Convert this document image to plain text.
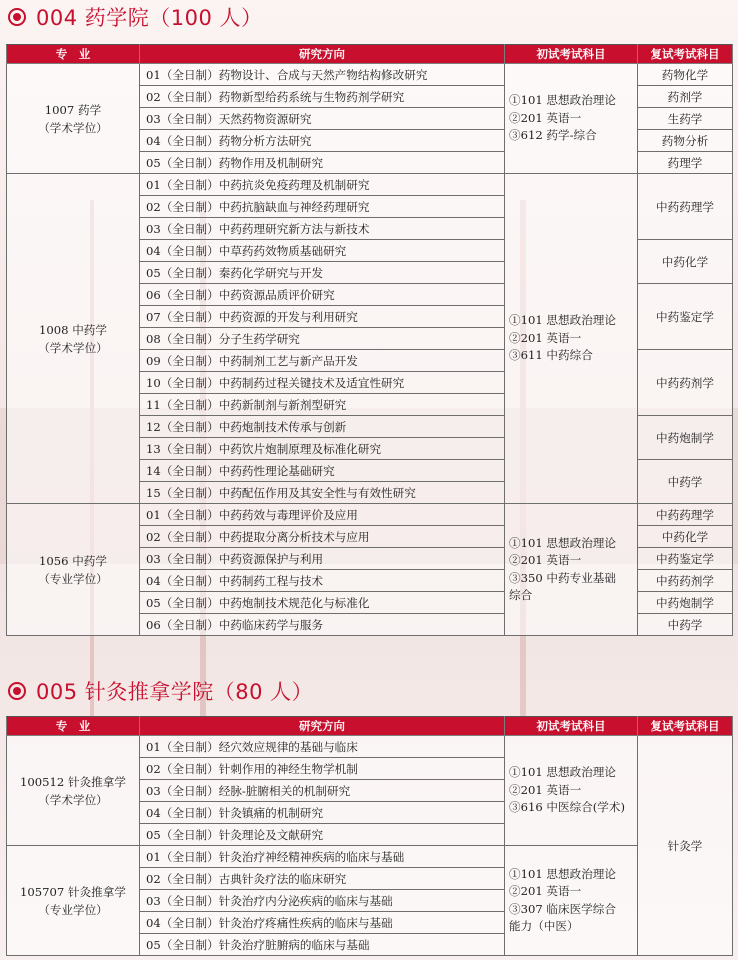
004 药学院（100 人）
专　业	研究方向	初试考试科目	复试考试科目

1007 药学
（学术学位）	01（全日制）药物设计、合成与天然产物结构修改研究	①101 思想政治理论
②201 英语一
③612 药学-综合	药物化学
	02（全日制）药物新型给药系统与生物药剂学研究		药剂学
	03（全日制）天然药物资源研究		生药学
	04（全日制）药物分析方法研究		药物分析
	05（全日制）药物作用及机制研究		药理学

1008 中药学
（学术学位）	01（全日制）中药抗炎免疫药理及机制研究	①101 思想政治理论
②201 英语一
③611 中药综合	中药药理学
	02（全日制）中药抗脑缺血与神经药理研究		
	03（全日制）中药药理研究新方法与新技术		
	04（全日制）中草药药效物质基础研究		中药化学
	05（全日制）秦药化学研究与开发		
	06（全日制）中药资源品质评价研究		中药鉴定学
	07（全日制）中药资源的开发与利用研究		
	08（全日制）分子生药学研究		
	09（全日制）中药制剂工艺与新产品开发		中药药剂学
	10（全日制）中药制药过程关键技术及适宜性研究		
	11（全日制）中药新制剂与新剂型研究		
	12（全日制）中药炮制技术传承与创新		中药炮制学
	13（全日制）中药饮片炮制原理及标准化研究		
	14（全日制）中药药性理论基础研究		中药学
	15（全日制）中药配伍作用及其安全性与有效性研究		

1056 中药学
（专业学位）	01（全日制）中药药效与毒理评价及应用	①101 思想政治理论
②201 英语一
③350 中药专业基础
综合	中药药理学
	02（全日制）中药提取分离分析技术与应用		中药化学
	03（全日制）中药资源保护与利用		中药鉴定学
	04（全日制）中药制药工程与技术		中药药剂学
	05（全日制）中药炮制技术规范化与标准化		中药炮制学
	06（全日制）中药临床药学与服务		中药学
005 针灸推拿学院（80 人）
专　业	研究方向	初试考试科目	复试考试科目

100512 针灸推拿学
（学术学位）	01（全日制）经穴效应规律的基础与临床	①101 思想政治理论
②201 英语一
③616 中医综合(学术)	针灸学
	02（全日制）针刺作用的神经生物学机制		
	03（全日制）经脉-脏腑相关的机制研究		
	04（全日制）针灸镇痛的机制研究		
	05（全日制）针灸理论及文献研究		

105707 针灸推拿学
（专业学位）	01（全日制）针灸治疗神经精神疾病的临床与基础	①101 思想政治理论
②201 英语一
③307 临床医学综合
能力（中医）	

	02（全日制）古典针灸疗法的临床研究		
	03（全日制）针灸治疗内分泌疾病的临床与基础		
	04（全日制）针灸治疗疼痛性疾病的临床与基础		
	05（全日制）针灸治疗脏腑病的临床与基础		
